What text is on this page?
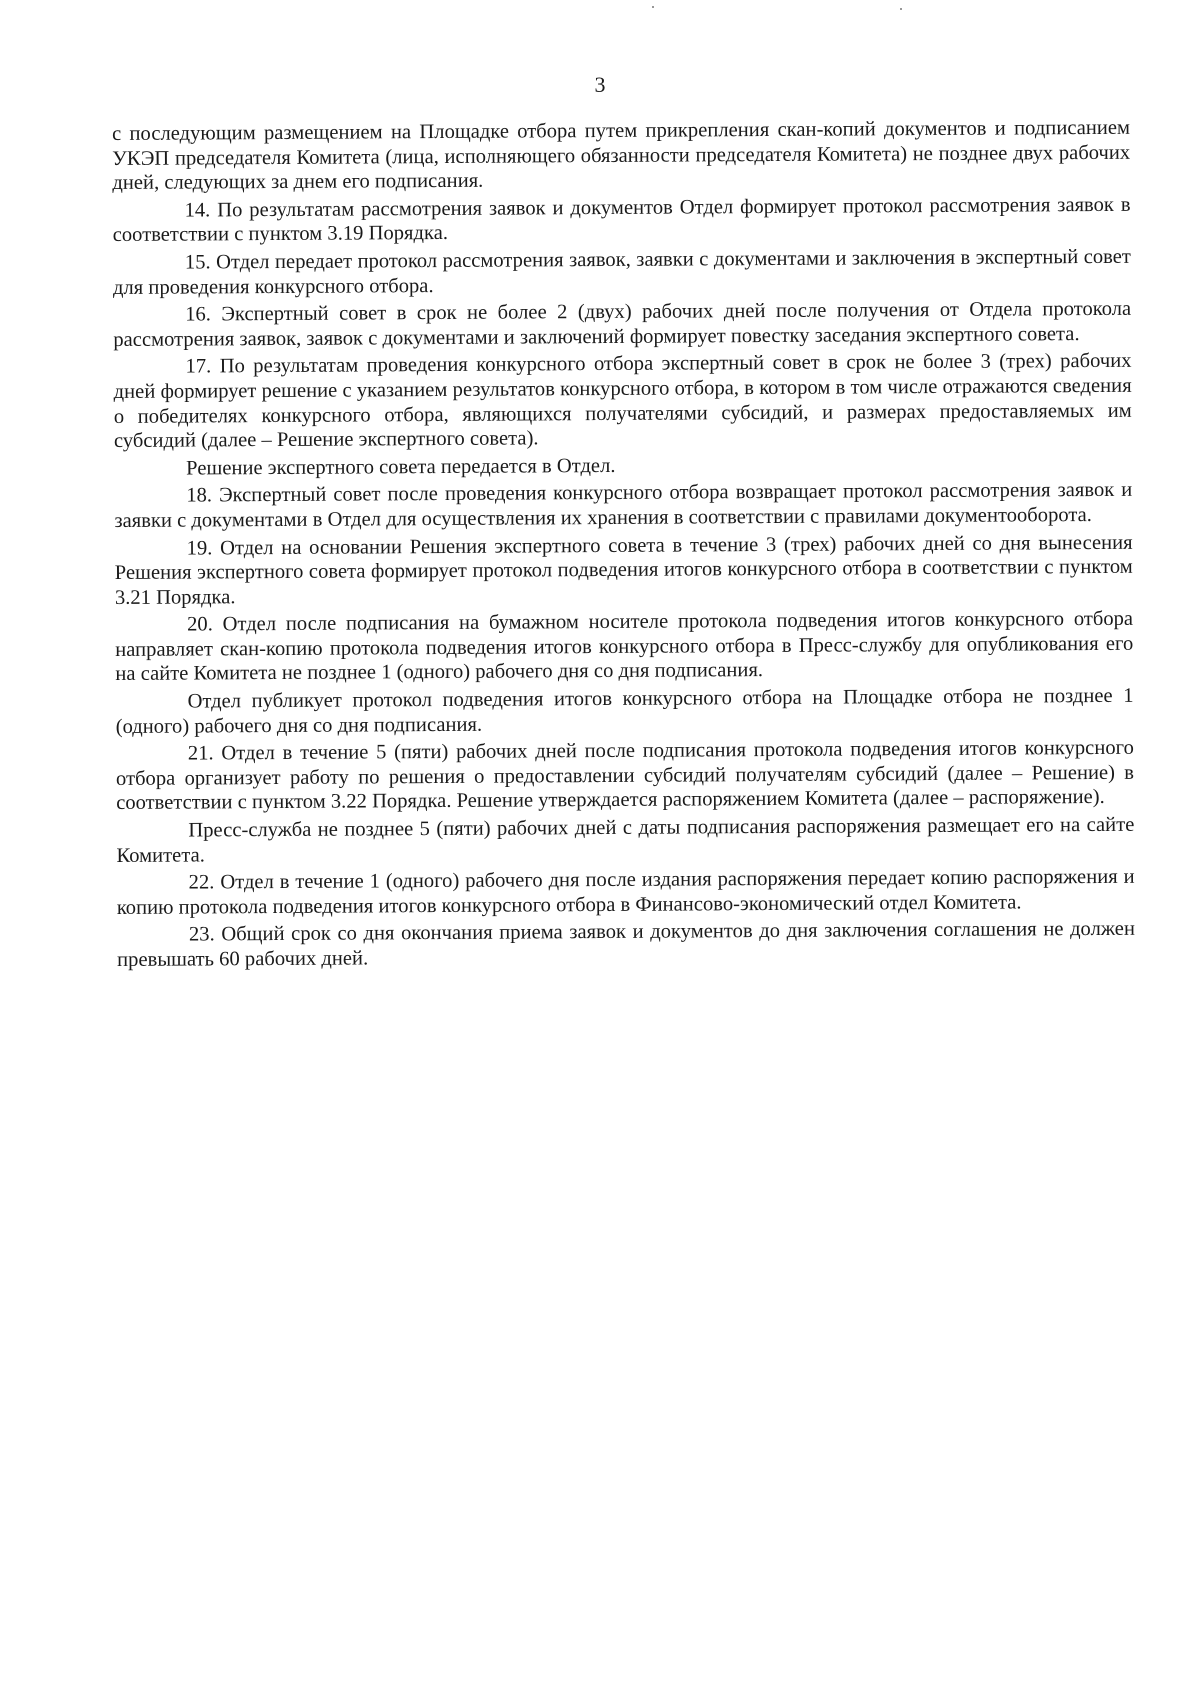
3

с последующим размещением на Площадке отбора путем прикрепления скан-копий документов и подписанием УКЭП председателя Комитета (лица, исполняющего обязанности председателя Комитета) не позднее двух рабочих дней, следующих за днем его подписания.

14. По результатам рассмотрения заявок и документов Отдел формирует протокол рассмотрения заявок в соответствии с пунктом 3.19 Порядка.

15. Отдел передает протокол рассмотрения заявок, заявки с документами и заключения в экспертный совет для проведения конкурсного отбора.

16. Экспертный совет в срок не более 2 (двух) рабочих дней после получения от Отдела протокола рассмотрения заявок, заявок с документами и заключений формирует повестку заседания экспертного совета.

17. По результатам проведения конкурсного отбора экспертный совет в срок не более 3 (трех) рабочих дней формирует решение с указанием результатов конкурсного отбора, в котором в том числе отражаются сведения о победителях конкурсного отбора, являющихся получателями субсидий, и размерах предоставляемых им субсидий (далее – Решение экспертного совета).

Решение экспертного совета передается в Отдел.

18. Экспертный совет после проведения конкурсного отбора возвращает протокол рассмотрения заявок и заявки с документами в Отдел для осуществления их хранения в соответствии с правилами документооборота.

19. Отдел на основании Решения экспертного совета в течение 3 (трех) рабочих дней со дня вынесения Решения экспертного совета формирует протокол подведения итогов конкурсного отбора в соответствии с пунктом 3.21 Порядка.

20. Отдел после подписания на бумажном носителе протокола подведения итогов конкурсного отбора направляет скан-копию протокола подведения итогов конкурсного отбора в Пресс-службу для опубликования его на сайте Комитета не позднее 1 (одного) рабочего дня со дня подписания.

Отдел публикует протокол подведения итогов конкурсного отбора на Площадке отбора не позднее 1 (одного) рабочего дня со дня подписания.

21. Отдел в течение 5 (пяти) рабочих дней после подписания протокола подведения итогов конкурсного отбора организует работу по решения о предоставлении субсидий получателям субсидий (далее – Решение) в соответствии с пунктом 3.22 Порядка. Решение утверждается распоряжением Комитета (далее – распоряжение).

Пресс-служба не позднее 5 (пяти) рабочих дней с даты подписания распоряжения размещает его на сайте Комитета.

22. Отдел в течение 1 (одного) рабочего дня после издания распоряжения передает копию распоряжения и копию протокола подведения итогов конкурсного отбора в Финансово-экономический отдел Комитета.

23. Общий срок со дня окончания приема заявок и документов до дня заключения соглашения не должен превышать 60 рабочих дней.
